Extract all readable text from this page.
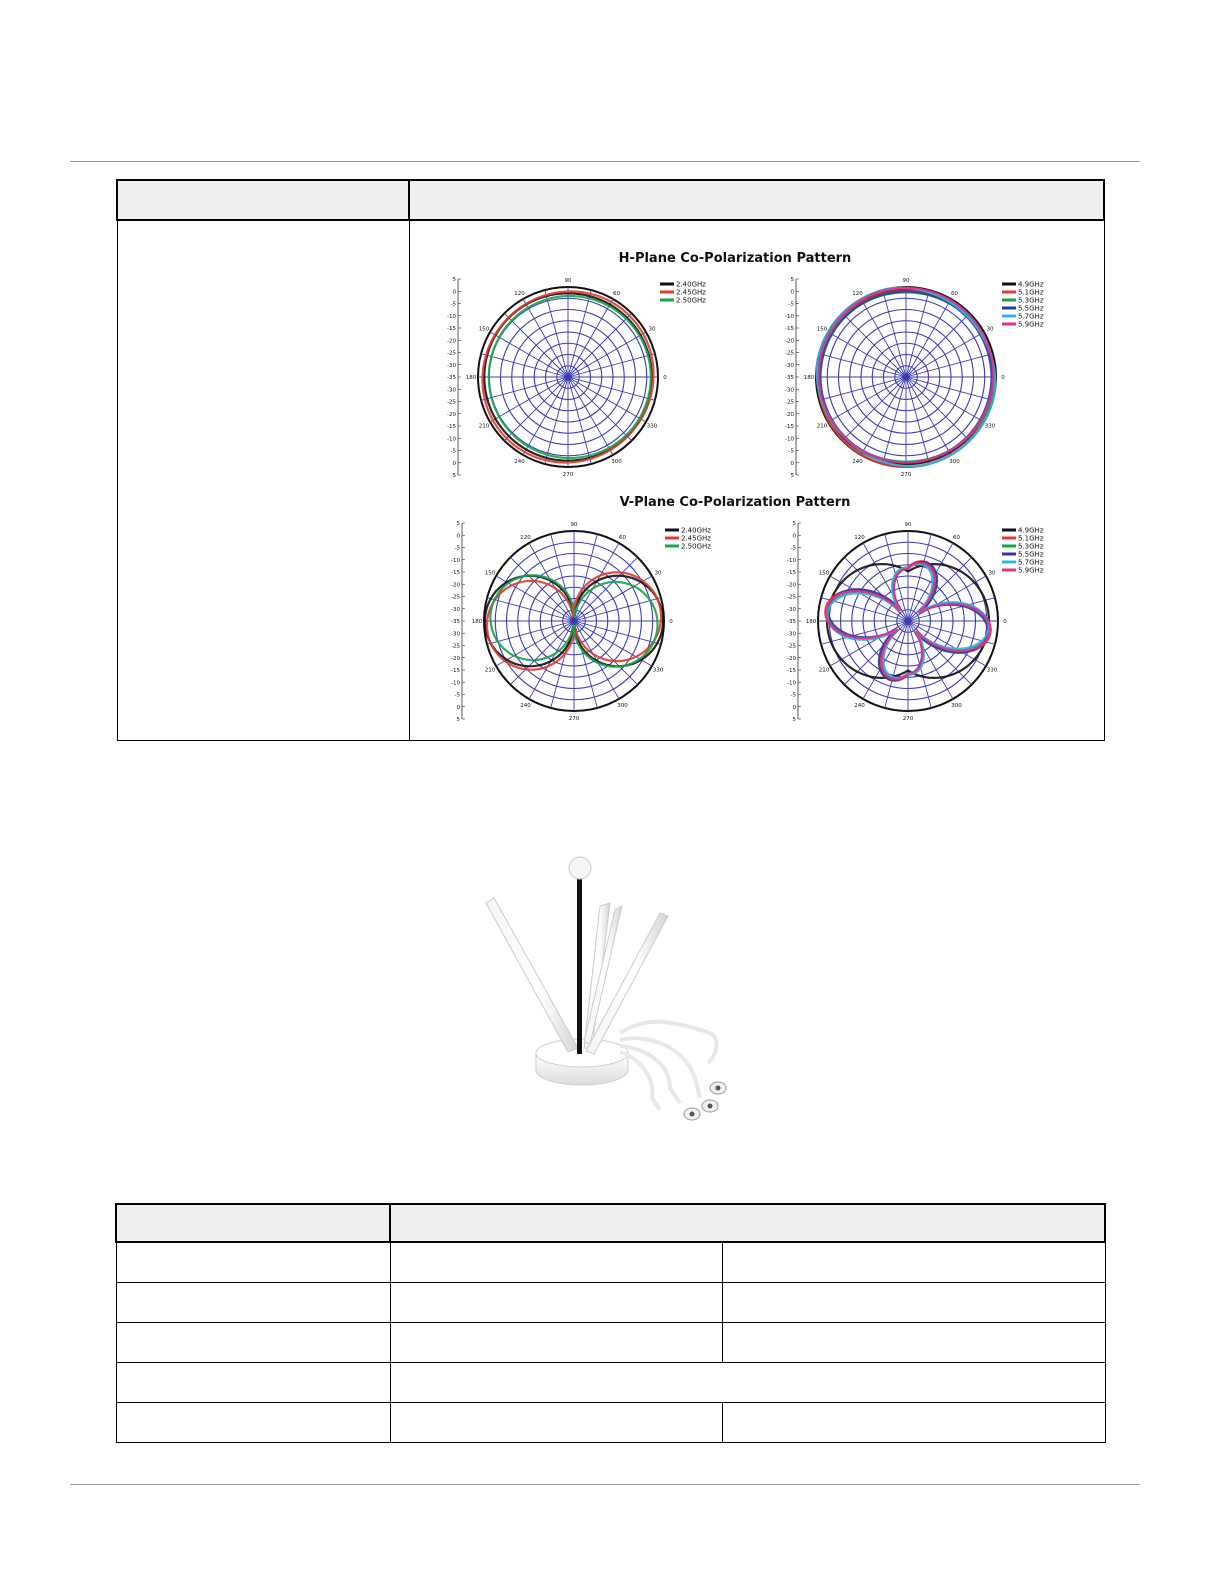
H-Plane Co-Polarization Pattern
V-Plane Co-Polarization Pattern
5
0
-5
-10
-15
-20
-25
-30
-35
-30
-25
-20
-15
-10
-5
0
5
90
60
30
0
330
300
270
240
210
180
150
120
2.40GHz
2.45GHz
2.50GHz
5
0
-5
-10
-15
-20
-25
-30
-35
-30
-25
-20
-15
-10
-5
0
5
90
60
30
0
330
300
270
240
210
180
150
120
4.9GHz
5.1GHz
5.3GHz
5.5GHz
5.7GHz
5.9GHz
5
0
-5
-10
-15
-20
-25
-30
-35
-30
-25
-20
-15
-10
-5
0
5
90
60
30
0
330
300
270
240
210
180
150
120
2.40GHz
2.45GHz
2.50GHz
5
0
-5
-10
-15
-20
-25
-30
-35
-30
-25
-20
-15
-10
-5
0
5
90
60
30
0
330
300
270
240
210
180
150
120
4.9GHz
5.1GHz
5.3GHz
5.5GHz
5.7GHz
5.9GHz
